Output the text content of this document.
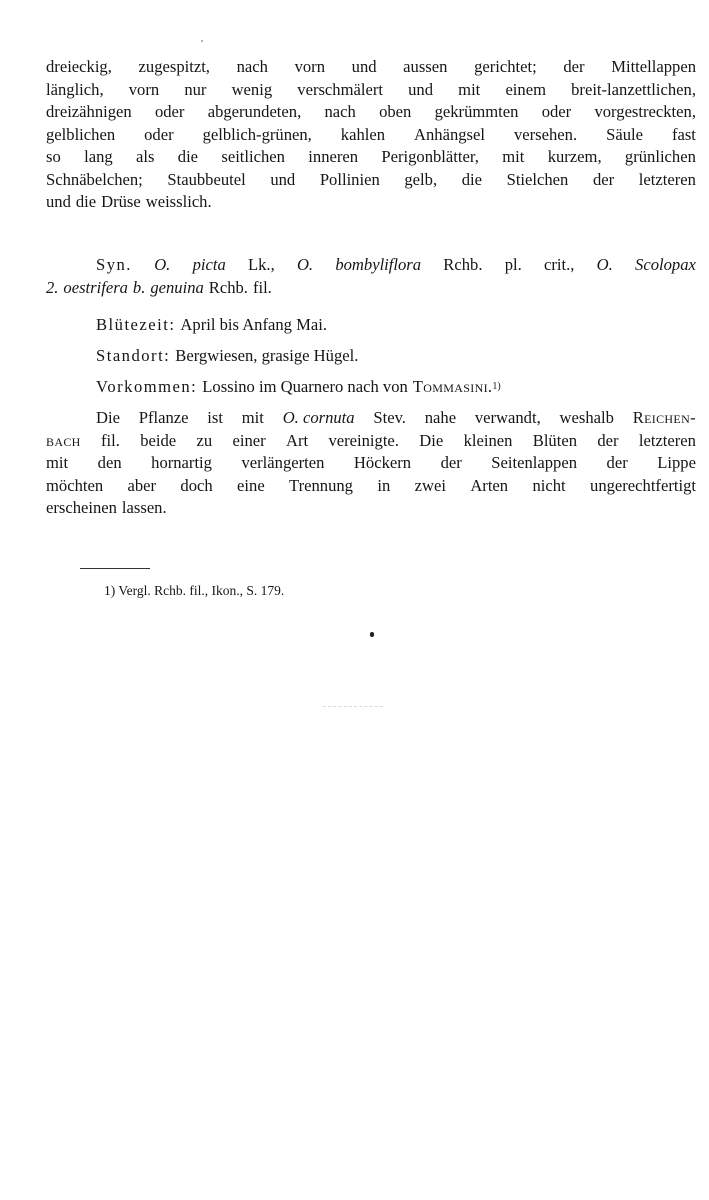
dreieckig, zugespitzt, nach vorn und aussen gerichtet; der Mittellappen
länglich, vorn nur wenig verschmälert und mit einem breit-lanzettlichen,
dreizähnigen oder abgerundeten, nach oben gekrümmten oder vorgestreckten,
gelblichen oder gelblich-grünen, kahlen Anhängsel versehen. Säule fast
so lang als die seitlichen inneren Perigonblätter, mit kurzem, grünlichen
Schnäbelchen; Staubbeutel und Pollinien gelb, die Stielchen der letzteren
und die Drüse weisslich.
Syn. O. picta Lk., O. bombyliflora Rchb. pl. crit., O. Scolopax
2. oestrifera b. genuina Rchb. fil.
Blütezeit: April bis Anfang Mai.
Standort: Bergwiesen, grasige Hügel.
Vorkommen: Lossino im Quarnero nach von Tommasini. 1)
Die Pflanze ist mit O. cornuta Stev. nahe verwandt, weshalb Reichen-
bach fil. beide zu einer Art vereinigte. Die kleinen Blüten der letzteren
mit den hornartig verlängerten Höckern der Seitenlappen der Lippe
möchten aber doch eine Trennung in zwei Arten nicht ungerechtfertigt
erscheinen lassen.
1) Vergl. Rchb. fil., Ikon., S. 179.
